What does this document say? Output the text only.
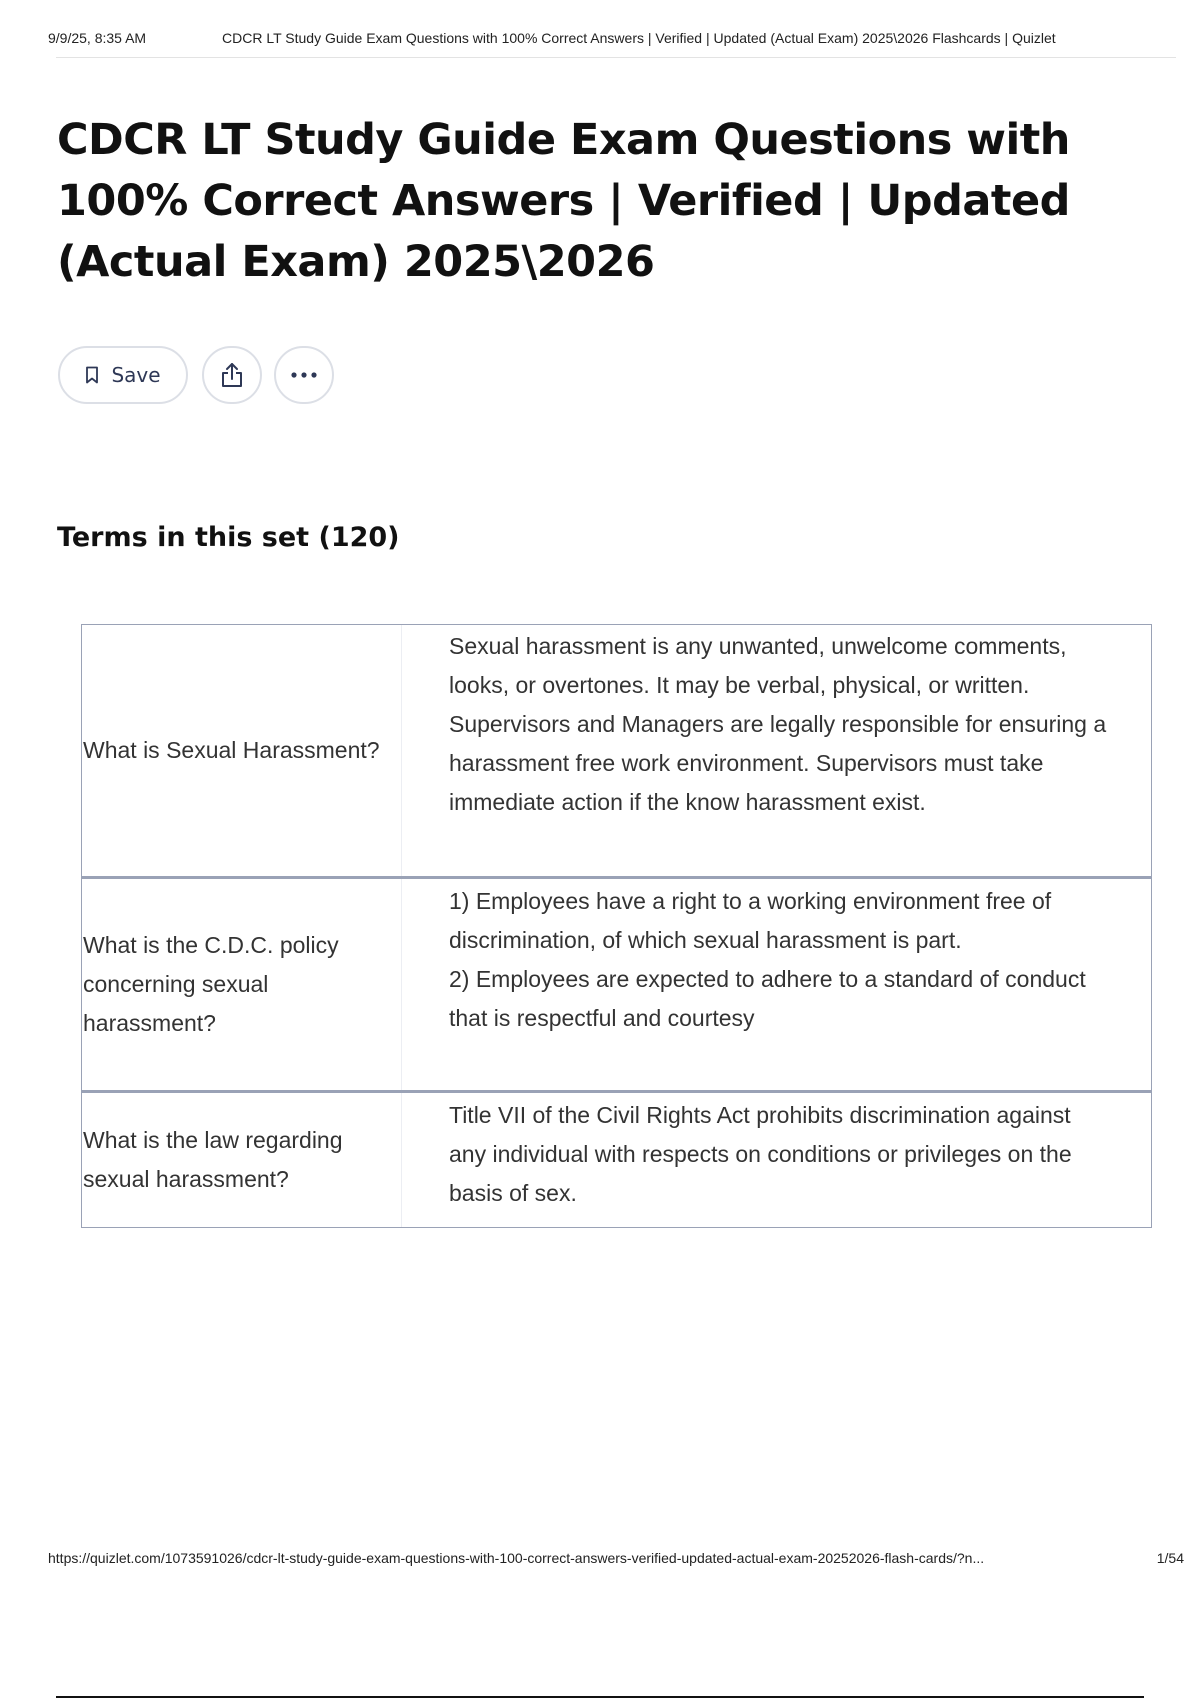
9/9/25, 8:35 AM	CDCR LT Study Guide Exam Questions with 100% Correct Answers | Verified | Updated (Actual Exam) 2025\2026 Flashcards | Quizlet
CDCR LT Study Guide Exam Questions with 100% Correct Answers | Verified | Updated (Actual Exam) 2025\2026
Save
Terms in this set (120)
What is Sexual Harassment?
Sexual harassment is any unwanted, unwelcome comments, looks, or overtones. It may be verbal, physical, or written. Supervisors and Managers are legally responsible for ensuring a harassment free work environment. Supervisors must take immediate action if the know harassment exist.
What is the C.D.C. policy concerning sexual harassment?
1) Employees have a right to a working environment free of discrimination, of which sexual harassment is part.
2) Employees are expected to adhere to a standard of conduct that is respectful and courtesy
What is the law regarding sexual harassment?
Title VII of the Civil Rights Act prohibits discrimination against any individual with respects on conditions or privileges on the basis of sex.
https://quizlet.com/1073591026/cdcr-lt-study-guide-exam-questions-with-100-correct-answers-verified-updated-actual-exam-20252026-flash-cards/?n...	1/54
